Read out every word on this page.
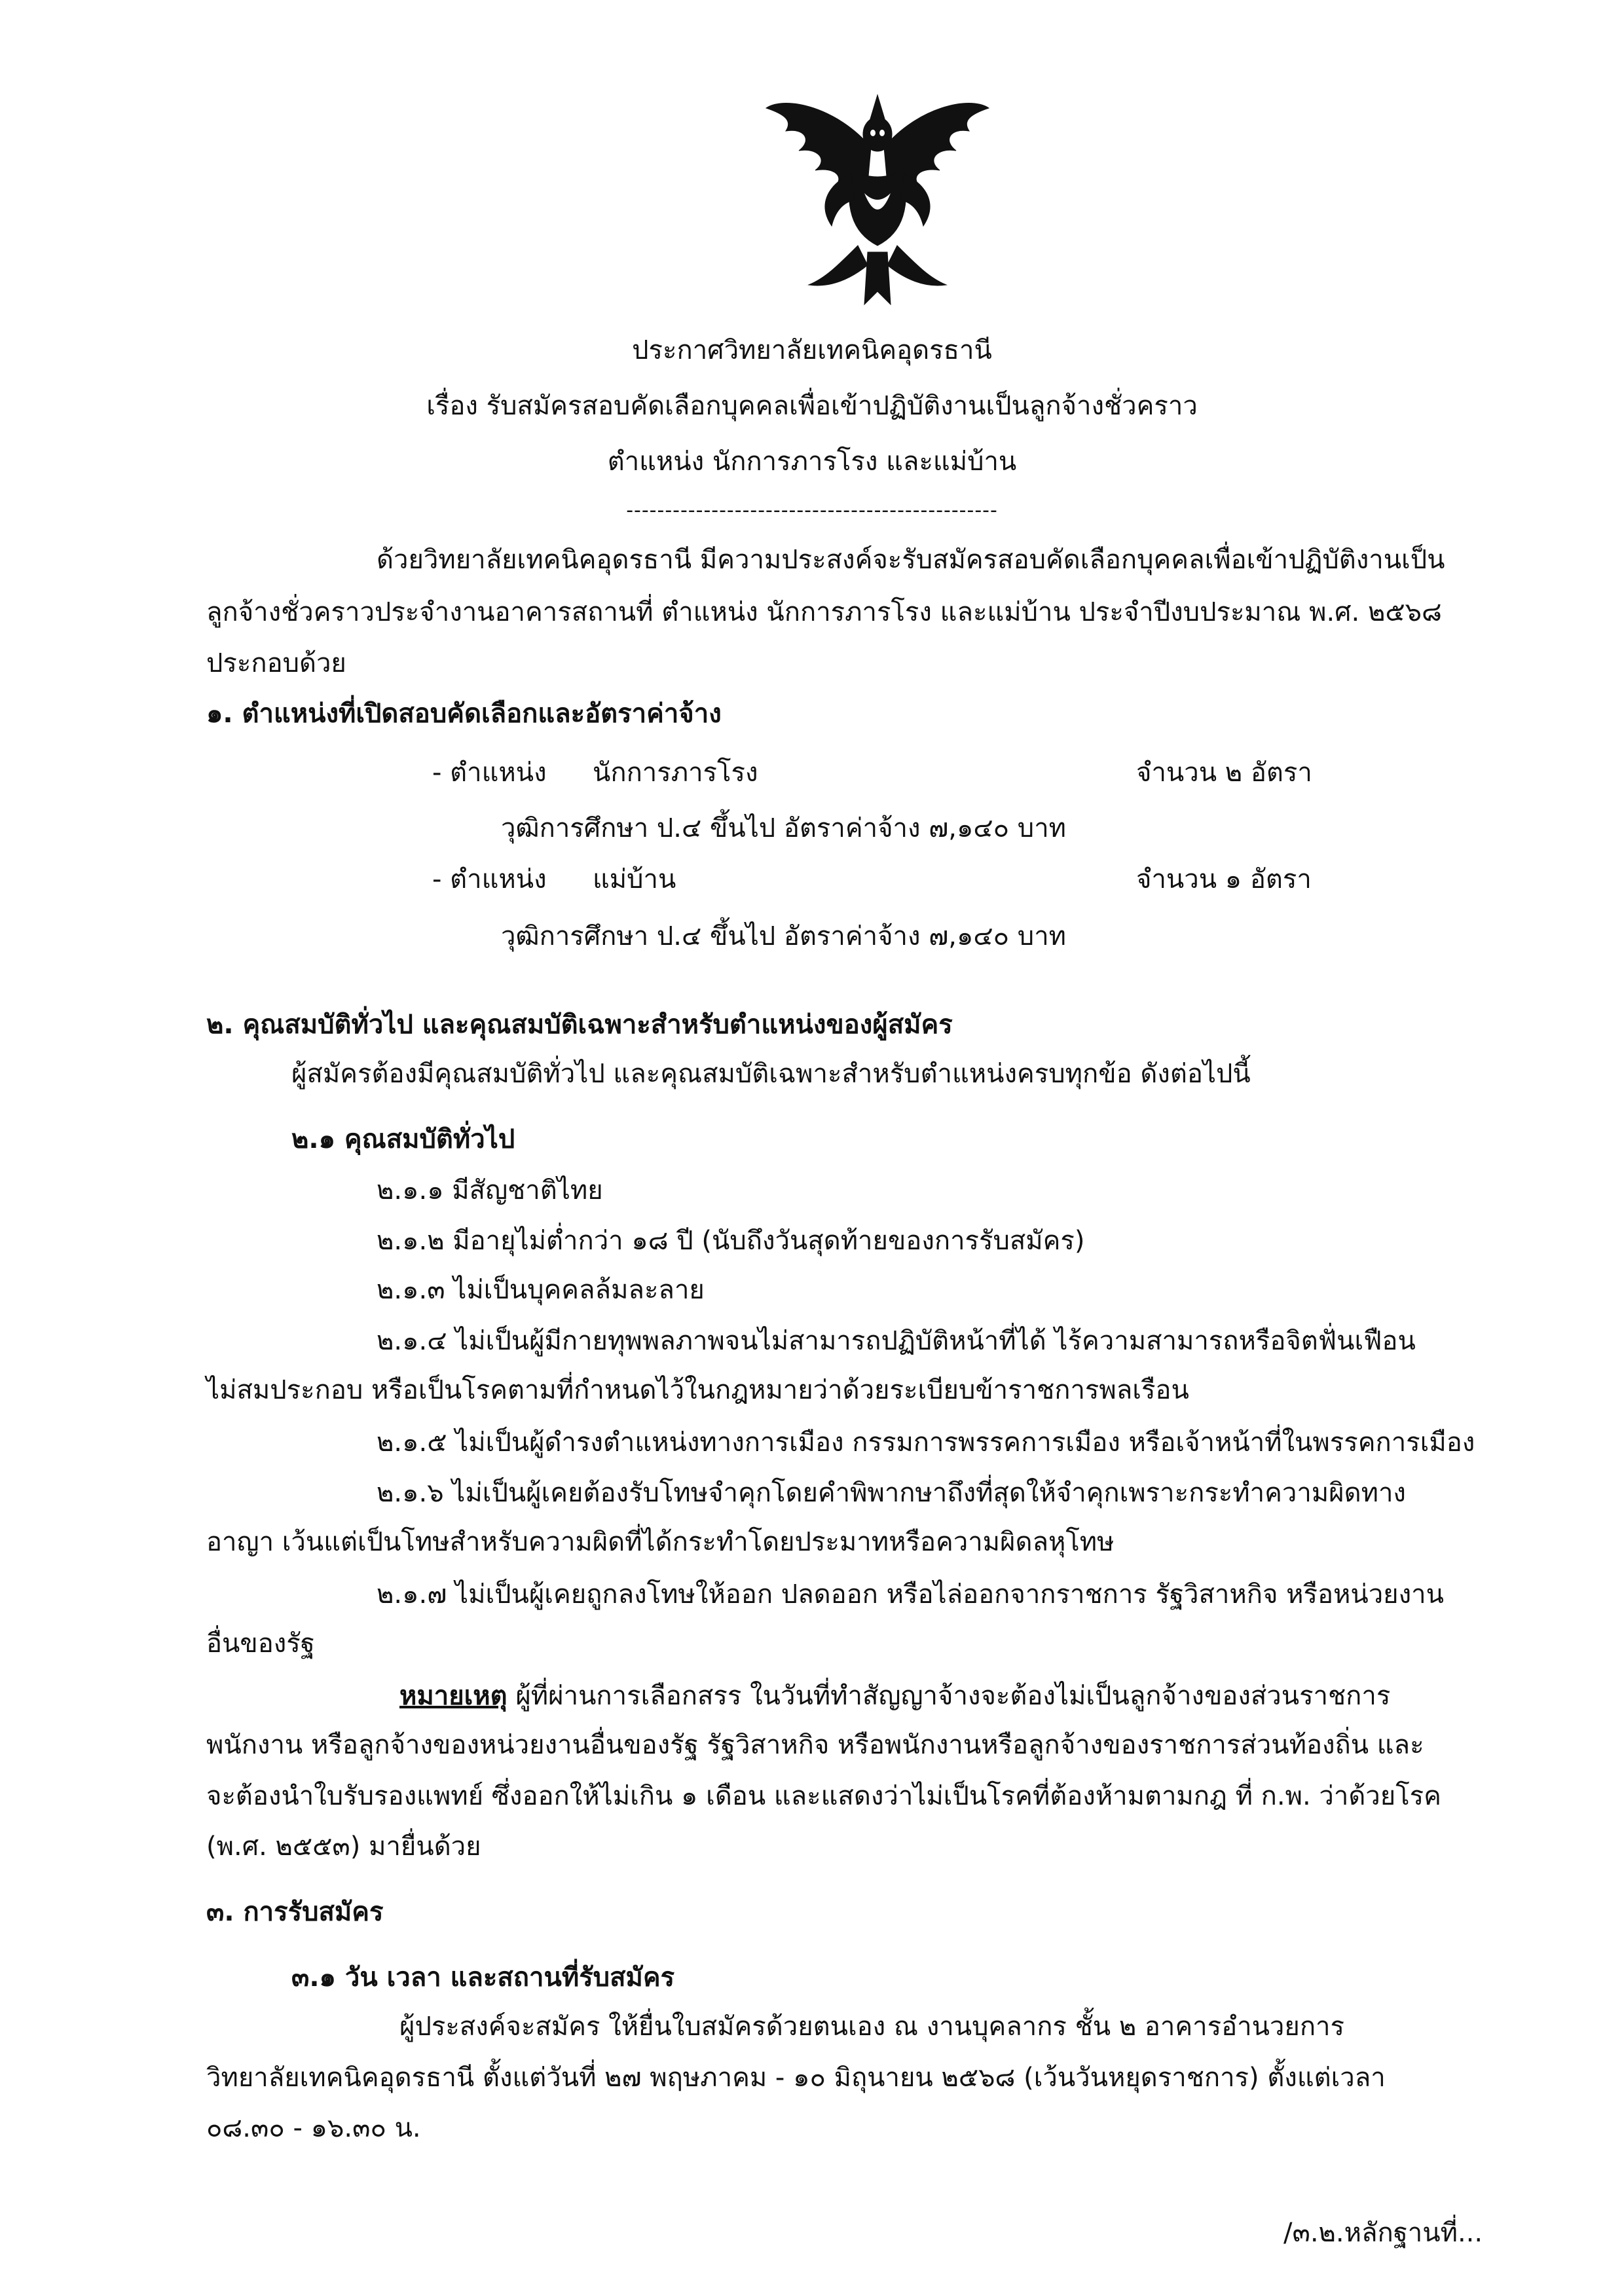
ประกาศวิทยาลัยเทคนิคอุดรธานี
เรื่อง รับสมัครสอบคัดเลือกบุคคลเพื่อเข้าปฏิบัติงานเป็นลูกจ้างชั่วคราว
ตำแหน่ง นักการภารโรง และแม่บ้าน
------------------------------------------------
ด้วยวิทยาลัยเทคนิคอุดรธานี มีความประสงค์จะรับสมัครสอบคัดเลือกบุคคลเพื่อเข้าปฏิบัติงานเป็น
ลูกจ้างชั่วคราวประจำงานอาคารสถานที่ ตำแหน่ง นักการภารโรง และแม่บ้าน ประจำปีงบประมาณ พ.ศ. ๒๕๖๘
ประกอบด้วย
๑. ตำแหน่งที่เปิดสอบคัดเลือกและอัตราค่าจ้าง
- ตำแหน่ง นักการภารโรง	จำนวน ๒ อัตรา
วุฒิการศึกษา ป.๔ ขึ้นไป อัตราค่าจ้าง ๗,๑๔๐ บาท
- ตำแหน่ง แม่บ้าน	จำนวน ๑ อัตรา
วุฒิการศึกษา ป.๔ ขึ้นไป อัตราค่าจ้าง ๗,๑๔๐ บาท
๒. คุณสมบัติทั่วไป และคุณสมบัติเฉพาะสำหรับตำแหน่งของผู้สมัคร
ผู้สมัครต้องมีคุณสมบัติทั่วไป และคุณสมบัติเฉพาะสำหรับตำแหน่งครบทุกข้อ ดังต่อไปนี้
๒.๑ คุณสมบัติทั่วไป
๒.๑.๑ มีสัญชาติไทย
๒.๑.๒ มีอายุไม่ต่ำกว่า ๑๘ ปี (นับถึงวันสุดท้ายของการรับสมัคร)
๒.๑.๓ ไม่เป็นบุคคลล้มละลาย
๒.๑.๔ ไม่เป็นผู้มีกายทุพพลภาพจนไม่สามารถปฏิบัติหน้าที่ได้ ไร้ความสามารถหรือจิตฟั่นเฟือน
ไม่สมประกอบ หรือเป็นโรคตามที่กำหนดไว้ในกฎหมายว่าด้วยระเบียบข้าราชการพลเรือน
๒.๑.๕ ไม่เป็นผู้ดำรงตำแหน่งทางการเมือง กรรมการพรรคการเมือง หรือเจ้าหน้าที่ในพรรคการเมือง
๒.๑.๖ ไม่เป็นผู้เคยต้องรับโทษจำคุกโดยคำพิพากษาถึงที่สุดให้จำคุกเพราะกระทำความผิดทาง
อาญา เว้นแต่เป็นโทษสำหรับความผิดที่ได้กระทำโดยประมาทหรือความผิดลหุโทษ
๒.๑.๗ ไม่เป็นผู้เคยถูกลงโทษให้ออก ปลดออก หรือไล่ออกจากราชการ รัฐวิสาหกิจ หรือหน่วยงาน
อื่นของรัฐ
หมายเหตุ ผู้ที่ผ่านการเลือกสรร ในวันที่ทำสัญญาจ้างจะต้องไม่เป็นลูกจ้างของส่วนราชการ
พนักงาน หรือลูกจ้างของหน่วยงานอื่นของรัฐ รัฐวิสาหกิจ หรือพนักงานหรือลูกจ้างของราชการส่วนท้องถิ่น และ
จะต้องนำใบรับรองแพทย์ ซึ่งออกให้ไม่เกิน ๑ เดือน และแสดงว่าไม่เป็นโรคที่ต้องห้ามตามกฎ ที่ ก.พ. ว่าด้วยโรค
(พ.ศ. ๒๕๕๓) มายื่นด้วย
๓. การรับสมัคร
๓.๑ วัน เวลา และสถานที่รับสมัคร
ผู้ประสงค์จะสมัคร ให้ยื่นใบสมัครด้วยตนเอง ณ งานบุคลากร ชั้น ๒ อาคารอำนวยการ
วิทยาลัยเทคนิคอุดรธานี ตั้งแต่วันที่ ๒๗ พฤษภาคม - ๑๐ มิถุนายน ๒๕๖๘ (เว้นวันหยุดราชการ) ตั้งแต่เวลา
๐๘.๓๐ - ๑๖.๓๐ น.
/๓.๒.หลักฐานที่...
